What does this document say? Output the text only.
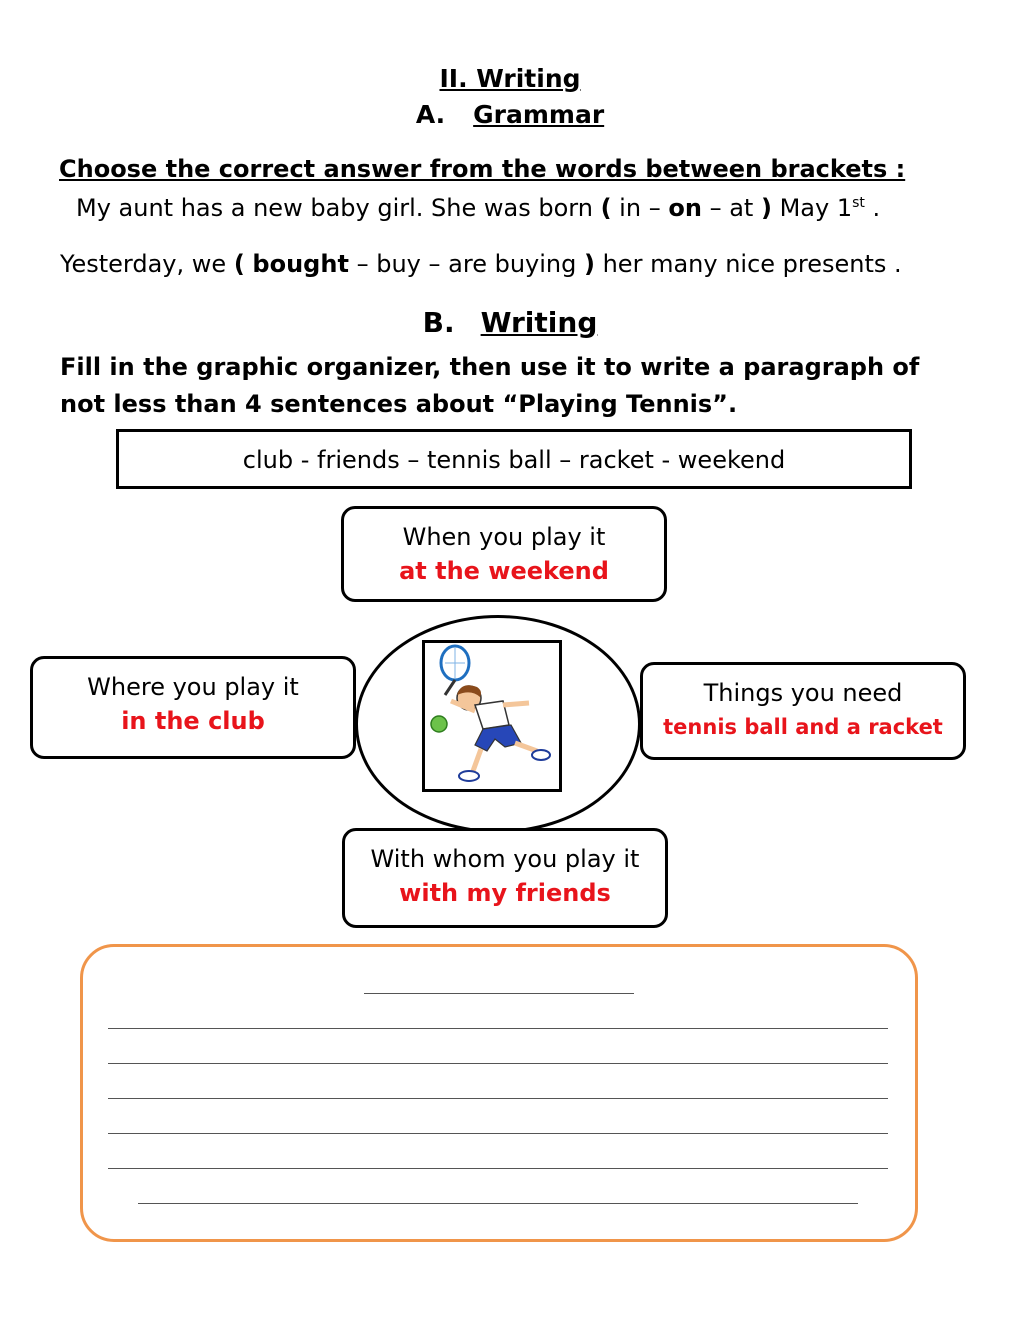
II. Writing
A. Grammar
Choose the correct answer from the words between brackets :
My aunt has a new baby girl. She was born ( in – on – at ) May 1st .
Yesterday, we ( bought – buy – are buying ) her many nice presents .
B. Writing
Fill in the graphic organizer, then use it to write a paragraph of
not less than 4 sentences about “Playing Tennis”.
club - friends – tennis ball – racket - weekend
When you play it
at the weekend
Where you play it
in the club
Things you need
tennis ball and a racket
With whom you play it
with my friends
